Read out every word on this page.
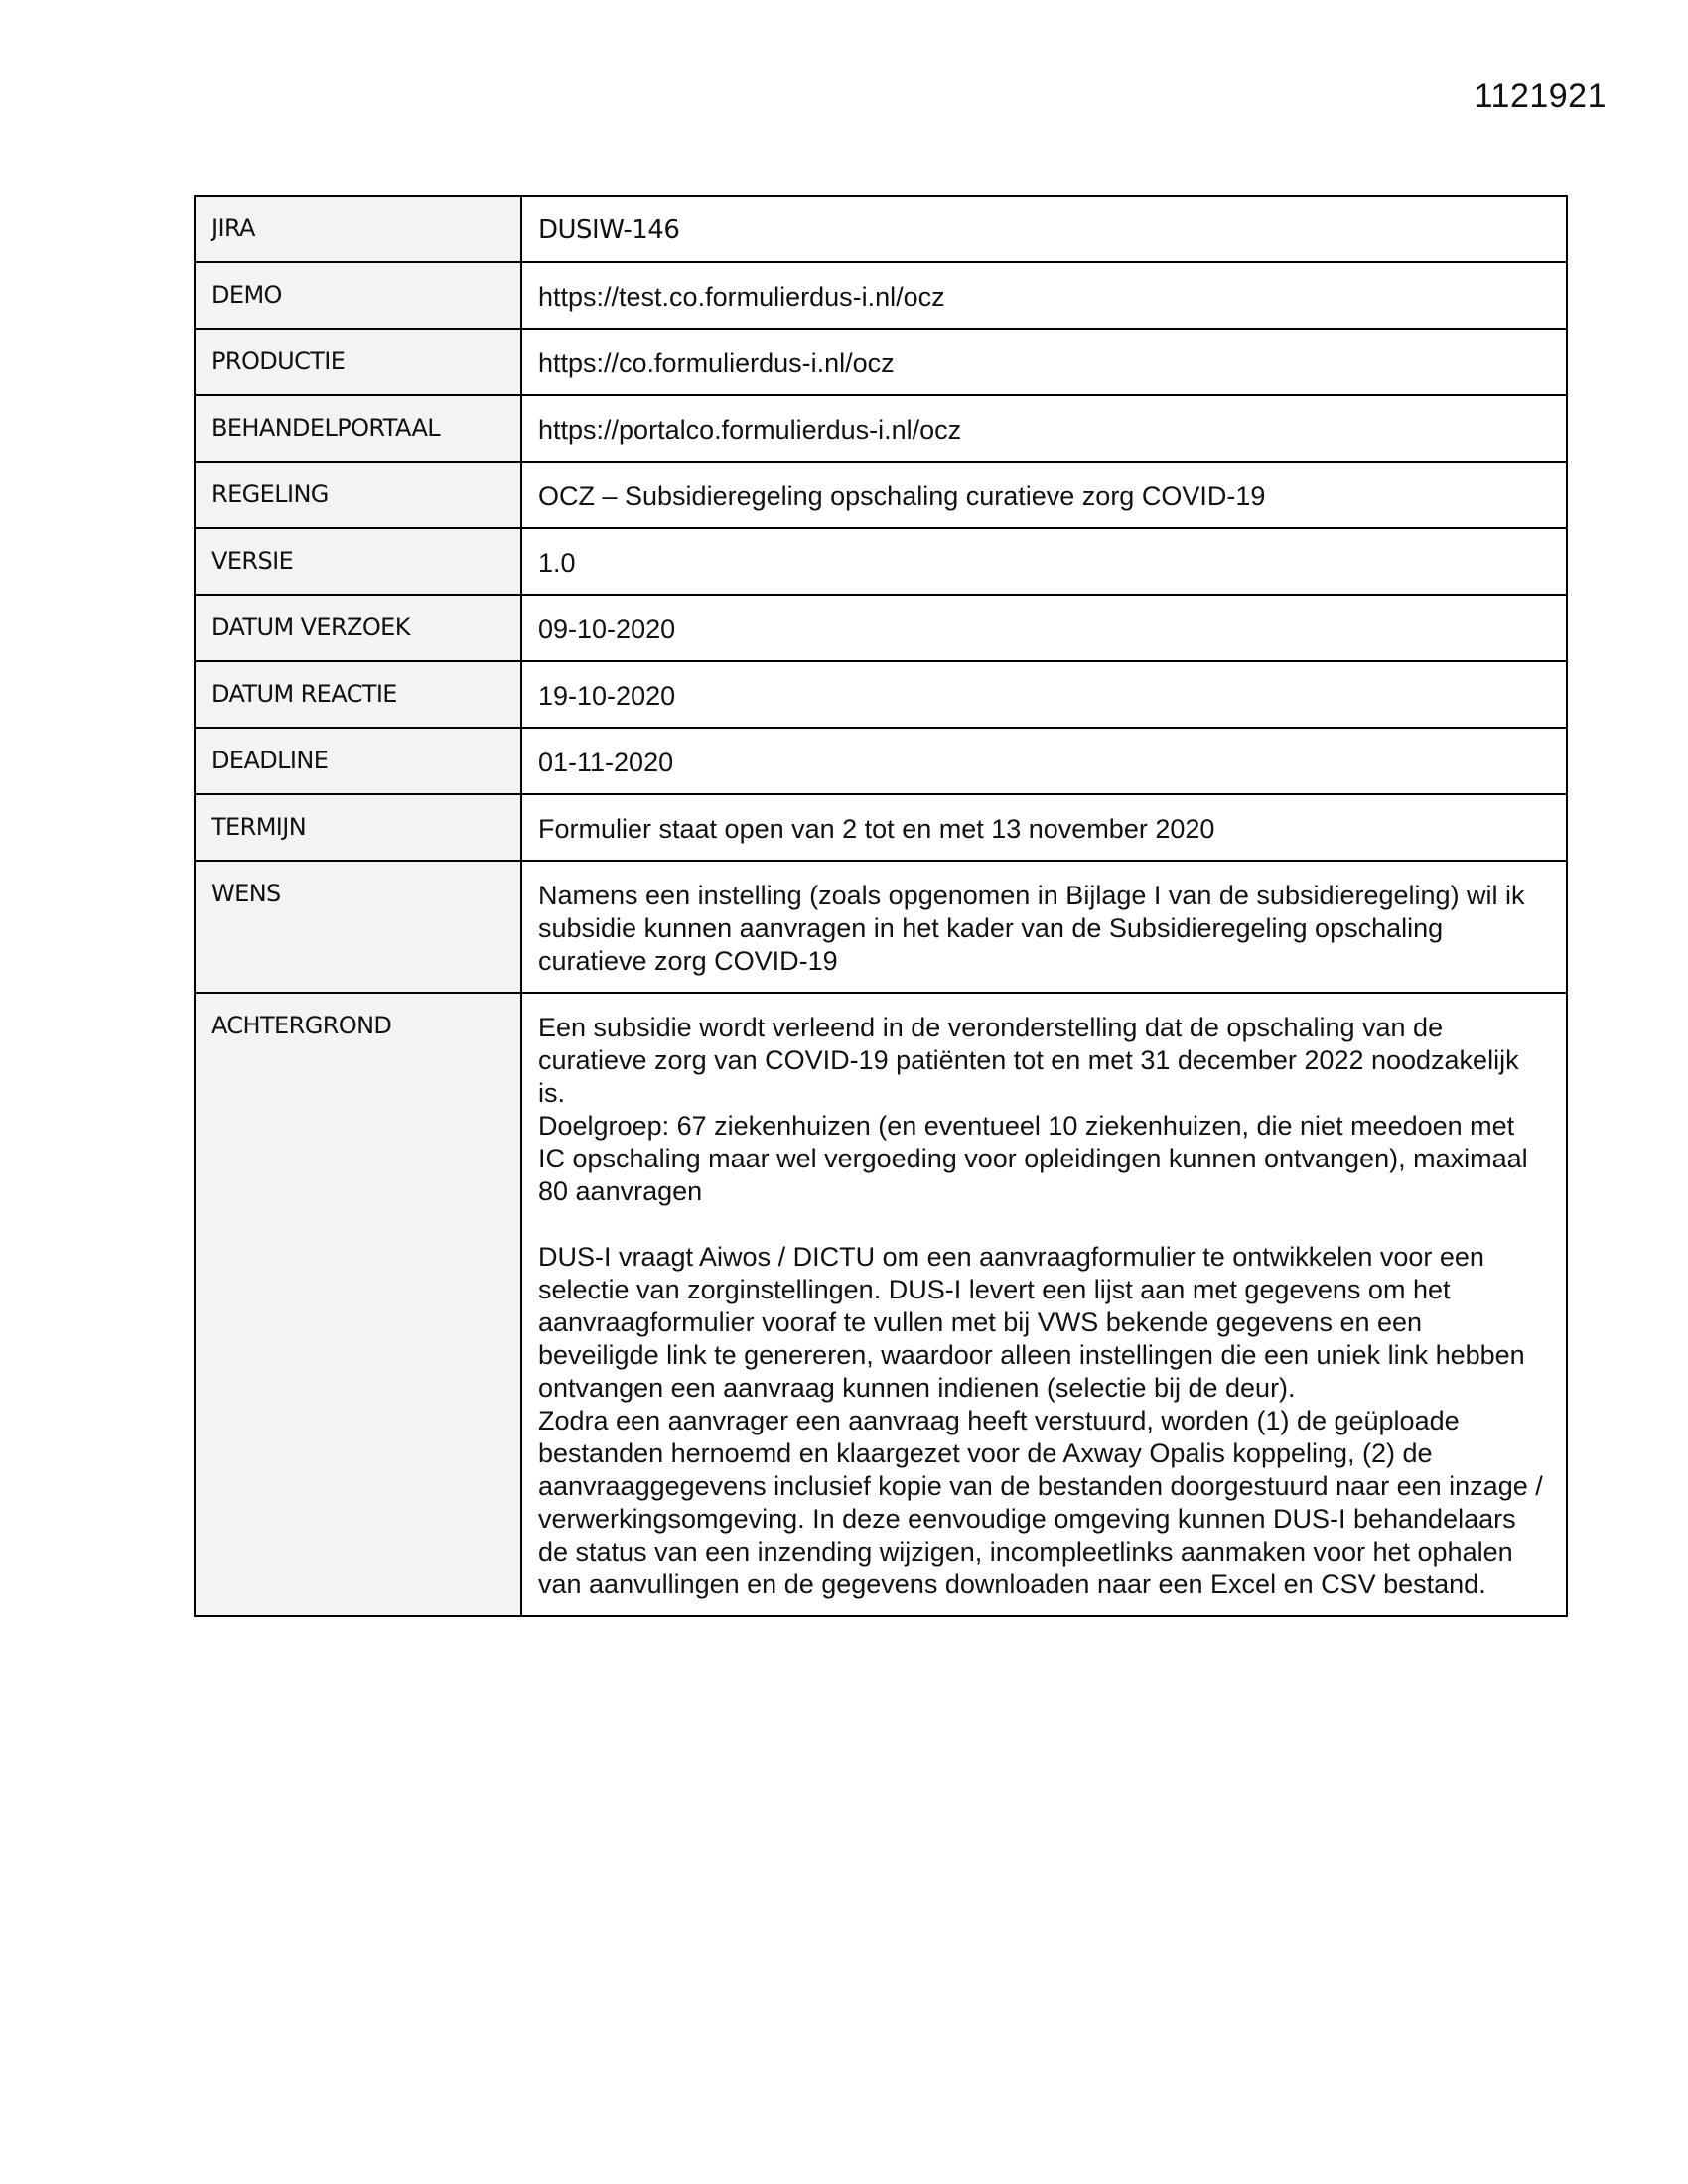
1121921
JIRA	DUSIW-146
DEMO	https://test.co.formulierdus-i.nl/ocz
PRODUCTIE	https://co.formulierdus-i.nl/ocz
BEHANDELPORTAAL	https://portalco.formulierdus-i.nl/ocz
REGELING	OCZ – Subsidieregeling opschaling curatieve zorg COVID-19
VERSIE	1.0
DATUM VERZOEK	09-10-2020
DATUM REACTIE	19-10-2020
DEADLINE	01-11-2020
TERMIJN	Formulier staat open van 2 tot en met 13 november 2020
WENS	Namens een instelling (zoals opgenomen in Bijlage I van de subsidieregeling) wil ik subsidie kunnen aanvragen in het kader van de Subsidieregeling opschaling curatieve zorg COVID-19
ACHTERGROND	Een subsidie wordt verleend in de veronderstelling dat de opschaling van de curatieve zorg van COVID-19 patiënten tot en met 31 december 2022 noodzakelijk is.
Doelgroep: 67 ziekenhuizen (en eventueel 10 ziekenhuizen, die niet meedoen met IC opschaling maar wel vergoeding voor opleidingen kunnen ontvangen), maximaal 80 aanvragen

DUS-I vraagt Aiwos / DICTU om een aanvraagformulier te ontwikkelen voor een selectie van zorginstellingen. DUS-I levert een lijst aan met gegevens om het aanvraagformulier vooraf te vullen met bij VWS bekende gegevens en een beveiligde link te genereren, waardoor alleen instellingen die een uniek link hebben ontvangen een aanvraag kunnen indienen (selectie bij de deur).
Zodra een aanvrager een aanvraag heeft verstuurd, worden (1) de geüploade bestanden hernoemd en klaargezet voor de Axway Opalis koppeling, (2) de aanvraaggegevens inclusief kopie van de bestanden doorgestuurd naar een inzage / verwerkingsomgeving. In deze eenvoudige omgeving kunnen DUS-I behandelaars de status van een inzending wijzigen, incompleetlinks aanmaken voor het ophalen van aanvullingen en de gegevens downloaden naar een Excel en CSV bestand.
